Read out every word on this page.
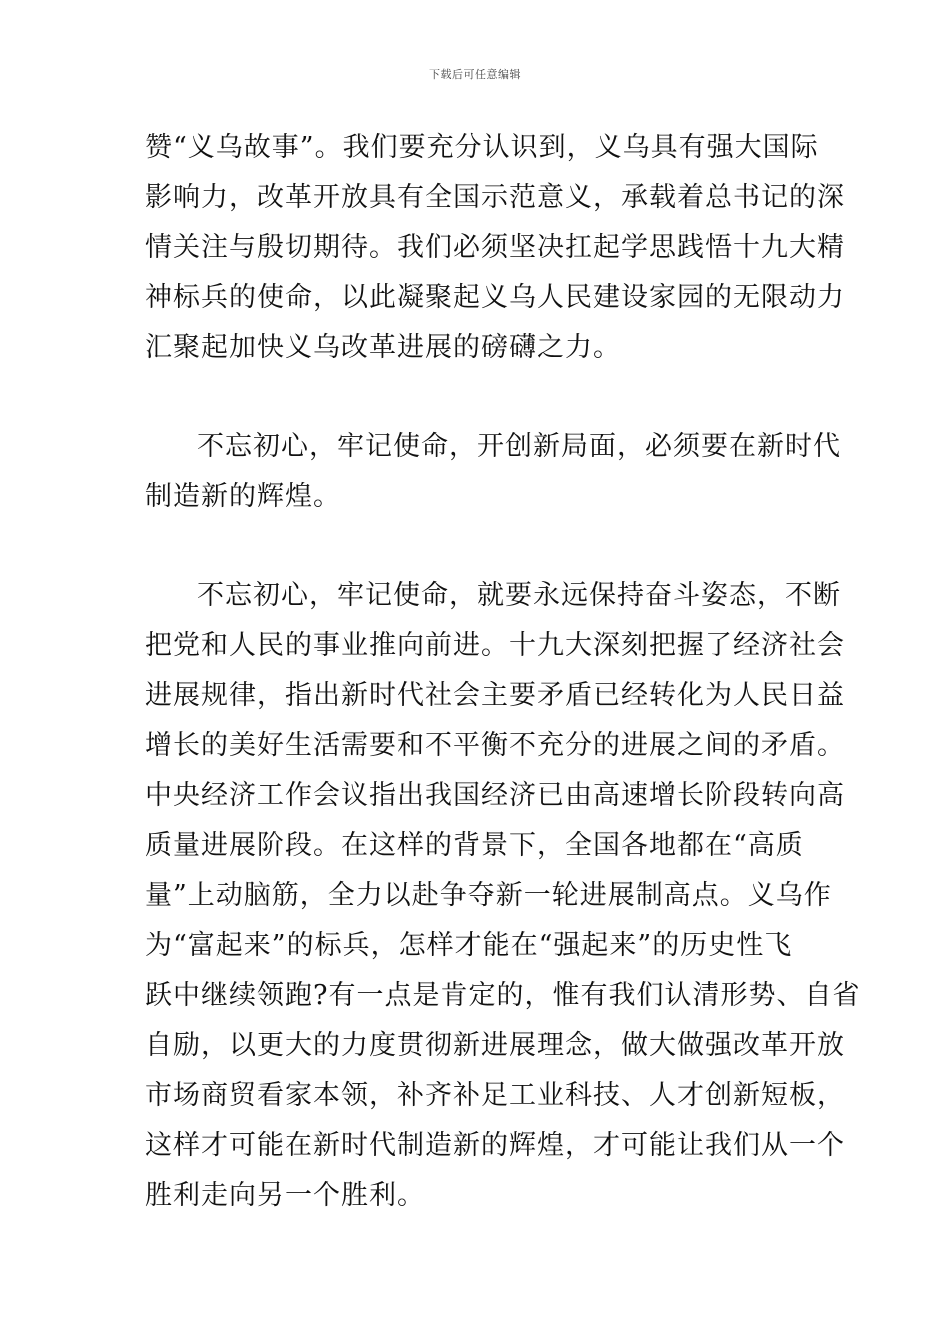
下载后可任意编辑
赞“义乌故事”。我们要充分认识到，义乌具有强大国际
影响力，改革开放具有全国示范意义，承载着总书记的深
情关注与殷切期待。我们必须坚决扛起学思践悟十九大精
神标兵的使命，以此凝聚起义乌人民建设家园的无限动力
汇聚起加快义乌改革进展的磅礴之力。
不忘初心，牢记使命，开创新局面，必须要在新时代
制造新的辉煌。
不忘初心，牢记使命，就要永远保持奋斗姿态，不断
把党和人民的事业推向前进。十九大深刻把握了经济社会
进展规律，指出新时代社会主要矛盾已经转化为人民日益
增长的美好生活需要和不平衡不充分的进展之间的矛盾。
中央经济工作会议指出我国经济已由高速增长阶段转向高
质量进展阶段。在这样的背景下，全国各地都在“高质
量”上动脑筋，全力以赴争夺新一轮进展制高点。义乌作
为“富起来”的标兵，怎样才能在“强起来”的历史性飞
跃中继续领跑?有一点是肯定的，惟有我们认清形势、自省
自励，以更大的力度贯彻新进展理念，做大做强改革开放
市场商贸看家本领，补齐补足工业科技、人才创新短板，
这样才可能在新时代制造新的辉煌，才可能让我们从一个
胜利走向另一个胜利。
